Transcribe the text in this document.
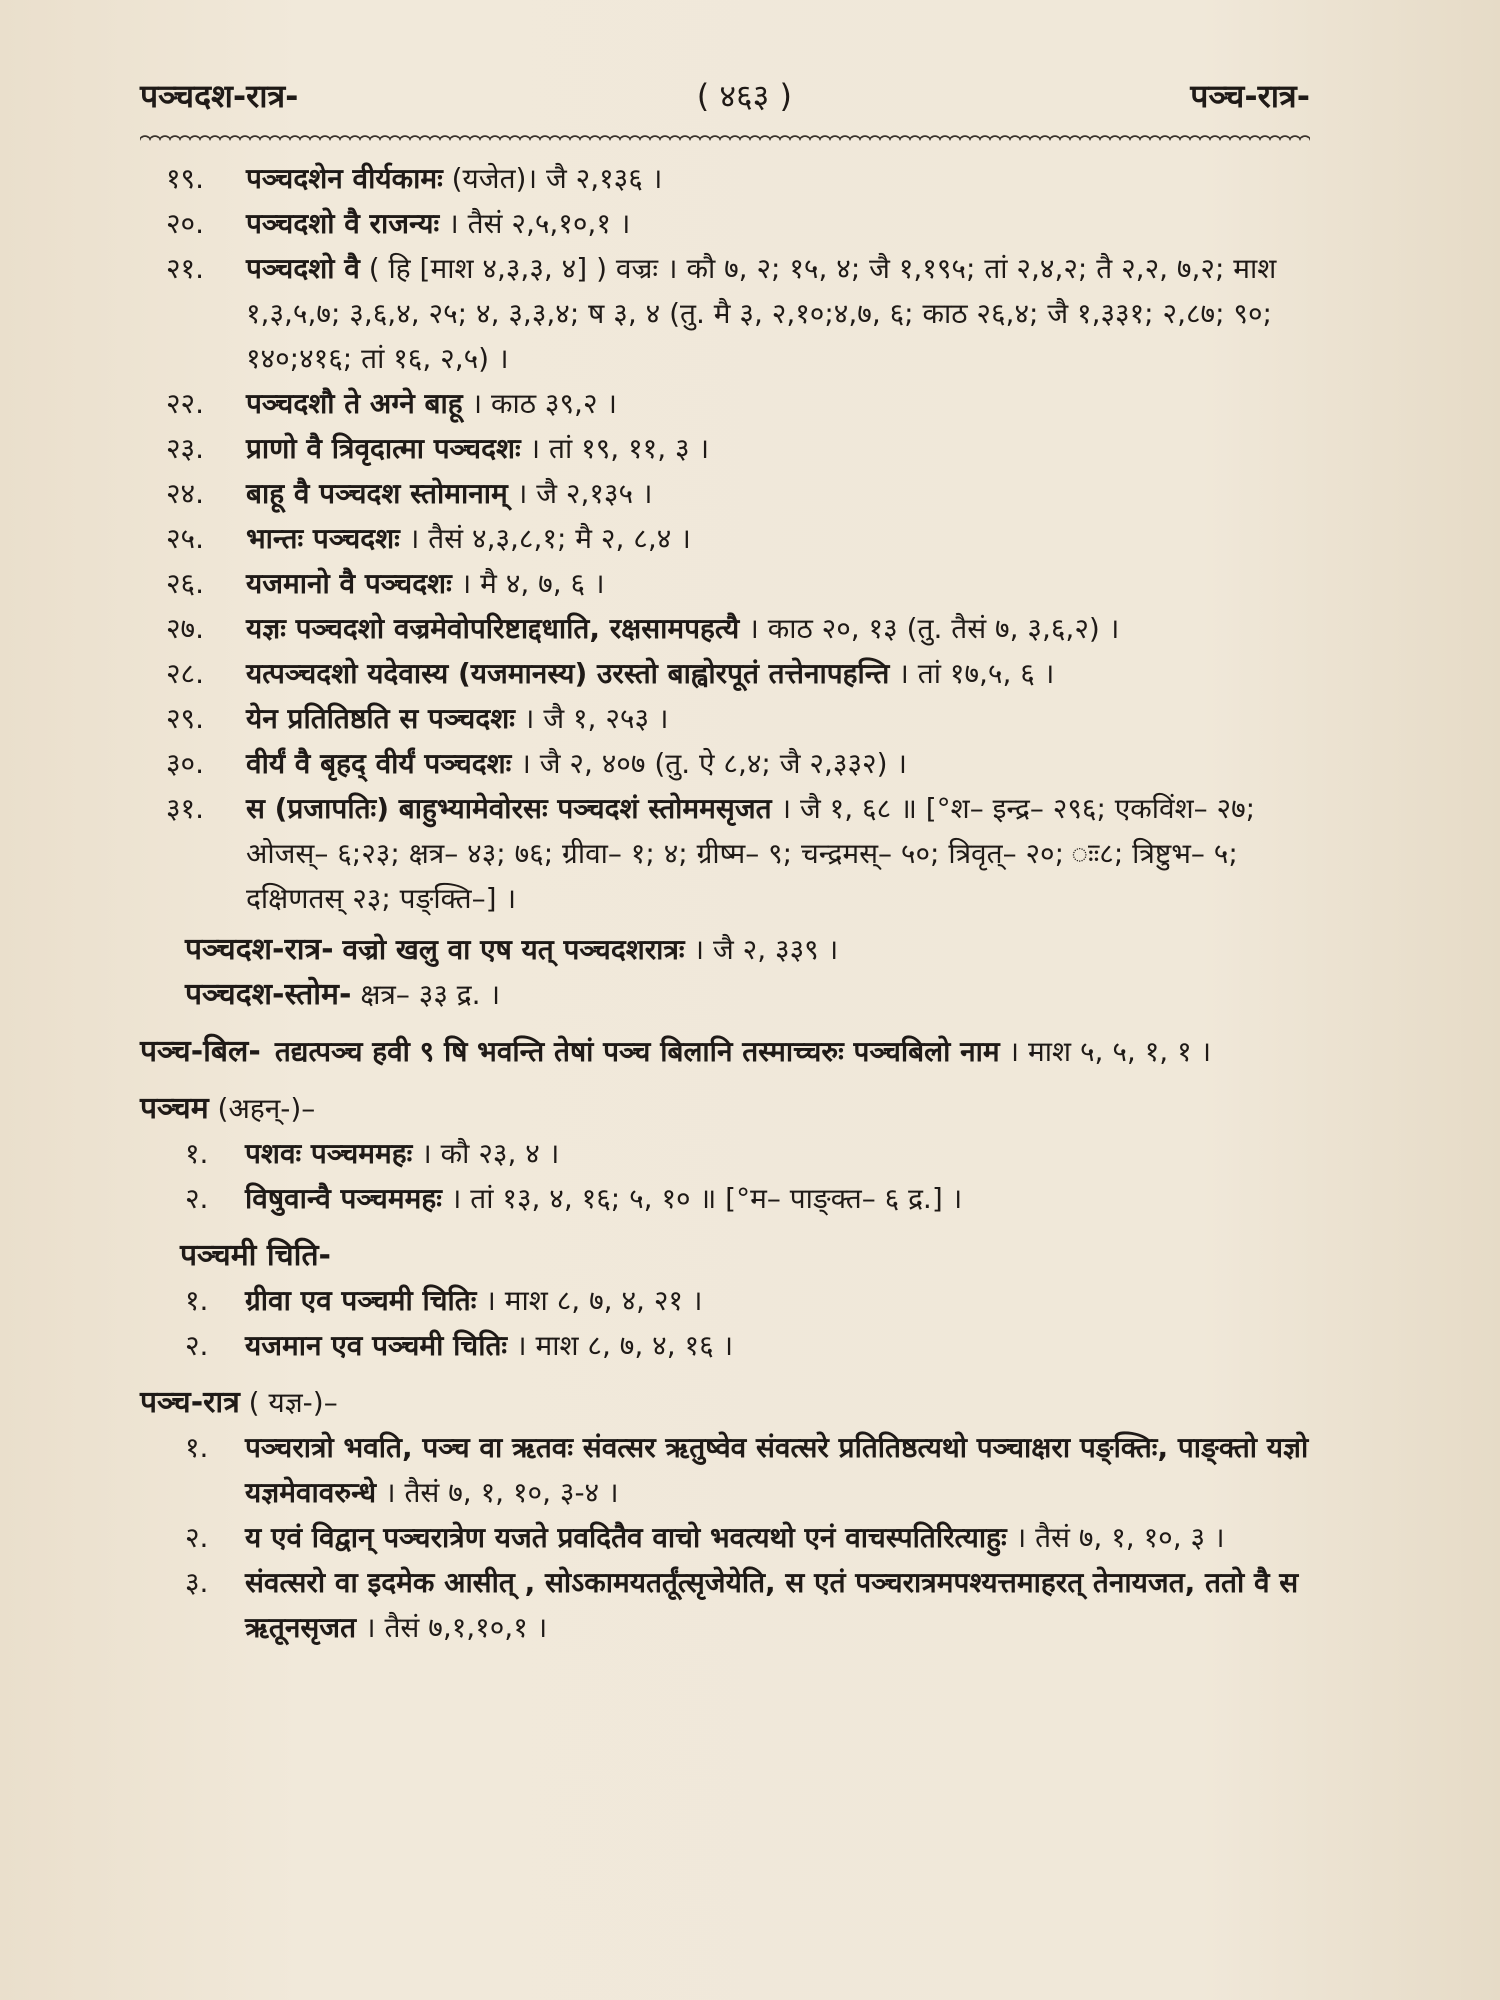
पञ्चदश-रात्र-	( ४६३ )	पञ्च-रात्र-
१९.	पञ्चदशेन वीर्यकामः (यजेत)। जै २,१३६ ।
२०.	पञ्चदशो वै राजन्यः । तैसं २,५,१०,१ ।
२१.	पञ्चदशो वै ( हि [माश ४,३,३, ४] ) वज्रः । कौ ७, २; १५, ४; जै १,१९५; तां २,४,२; तै २,२, ७,२; माश १,३,५,७; ३,६,४, २५; ४, ३,३,४; ष ३, ४ (तु. मै ३, २,१०;४,७, ६; काठ २६,४; जै १,३३१; २,८७; ९०; १४०;४१६; तां १६, २,५) ।
२२.	पञ्चदशौ ते अग्ने बाहू । काठ ३९,२ ।
२३.	प्राणो वै त्रिवृदात्मा पञ्चदशः । तां १९, ११, ३ ।
२४.	बाहू वै पञ्चदश स्तोमानाम् । जै २,१३५ ।
२५.	भान्तः पञ्चदशः । तैसं ४,३,८,१; मै २, ८,४ ।
२६.	यजमानो वै पञ्चदशः । मै ४, ७, ६ ।
२७.	यज्ञः पञ्चदशो वज्रमेवोपरिष्टाद्दधाति, रक्षसामपहत्यै । काठ २०, १३ (तु. तैसं ७, ३,६,२) ।
२८.	यत्पञ्चदशो यदेवास्य (यजमानस्य) उरस्तो बाह्वोरपूतं तत्तेनापहन्ति । तां १७,५, ६ ।
२९.	येन प्रतितिष्ठति स पञ्चदशः । जै १, २५३ ।
३०.	वीर्यं वै बृहद् वीर्यं पञ्चदशः । जै २, ४०७ (तु. ऐ ८,४; जै २,३३२) ।
३१.	स (प्रजापतिः) बाहुभ्यामेवोरसः पञ्चदशं स्तोममसृजत । जै १, ६८ ॥ [°श– इन्द्र– २९६; एकविंश– २७; ओजस्– ६;२३; क्षत्र– ४३; ७६; ग्रीवा– १; ४; ग्रीष्म– ९; चन्द्रमस्– ५०; त्रिवृत्– २०; ःः८; त्रिष्टुभ– ५; दक्षिणतस् २३; पङ्क्ति–] ।
पञ्चदश-रात्र- वज्रो खलु वा एष यत् पञ्चदशरात्रः । जै २, ३३९ ।
पञ्चदश-स्तोम- क्षत्र– ३३ द्र. ।
पञ्च-बिल- तद्यत्पञ्च हवी ९ षि भवन्ति तेषां पञ्च बिलानि तस्माच्चरुः पञ्चबिलो नाम । माश ५, ५, १, १ ।
पञ्चम (अहन्-)–
१.	पशवः पञ्चममहः । कौ २३, ४ ।
२.	विषुवान्वै पञ्चममहः । तां १३, ४, १६; ५, १० ॥ [°म– पाङ्क्त– ६ द्र.] ।
पञ्चमी चिति-
१.	ग्रीवा एव पञ्चमी चितिः । माश ८, ७, ४, २१ ।
२.	यजमान एव पञ्चमी चितिः । माश ८, ७, ४, १६ ।
पञ्च-रात्र ( यज्ञ-)–
१.	पञ्चरात्रो भवति, पञ्च वा ऋतवः संवत्सर ऋतुष्वेव संवत्सरे प्रतितिष्ठत्यथो पञ्चाक्षरा पङ्क्तिः, पाङ्क्तो यज्ञो यज्ञमेवावरुन्धे । तैसं ७, १, १०, ३-४ ।
२.	य एवं विद्वान् पञ्चरात्रेण यजते प्रवदितैव वाचो भवत्यथो एनं वाचस्पतिरित्याहुः । तैसं ७, १, १०, ३ ।
३.	संवत्सरो वा इदमेक आसीत् , सोऽकामयतर्तूंत्सृजेयेति, स एतं पञ्चरात्रमपश्यत्तमाहरत् तेनायजत, ततो वै स ऋतूनसृजत । तैसं ७,१,१०,१ ।
